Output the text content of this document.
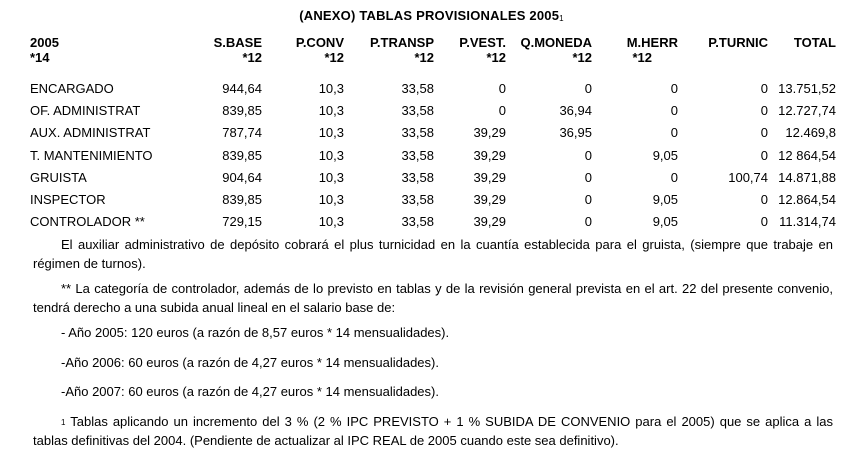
(ANEXO) TABLAS PROVISIONALES $2005_1$
2005	S.BASE	P.CONV	P.TRANSP	P.VEST.	Q.MONEDA	M.HERR	P.TURNIC	TOTAL
*14	*12	*12	*12	*12	*12	*12		

ENCARGADO	944,64	10,3	33,58	0	0	0	0	13.751,52
OF. ADMINISTRAT	839,85	10,3	33,58	0	36,94	0	0	12.727,74
AUX. ADMINISTRAT	787,74	10,3	33,58	39,29	36,95	0	0	12.469,8
T. MANTENIMIENTO	839,85	10,3	33,58	39,29	0	9,05	0	12 864,54
GRUISTA	904,64	10,3	33,58	39,29	0	0	100,74	14.871,88
INSPECTOR	839,85	10,3	33,58	39,29	0	9,05	0	12.864,54
CONTROLADOR **	729,15	10,3	33,58	39,29	0	9,05	0	11.314,74

El auxiliar administrativo de depósito cobrará el plus turnicidad en la cuantía establecida para el gruista, (siempre que trabaje en régimen de turnos).

** La categoría de controlador, además de lo previsto en tablas y de la revisión general prevista en el art. 22 del presente convenio, tendrá derecho a una subida anual lineal en el salario base de:

- Año 2005: 120 euros (a razón de 8,57 euros * 14 mensualidades).

-Año 2006: 60 euros (a razón de 4,27 euros * 14 mensualidades).

-Año 2007: 60 euros (a razón de 4,27 euros * 14 mensualidades).

1 Tablas aplicando un incremento del 3 % (2 % IPC PREVISTO + 1 % SUBIDA DE CONVENIO para el 2005) que se aplica a las tablas definitivas del 2004. (Pendiente de actualizar al IPC REAL de 2005 cuando este sea definitivo).
